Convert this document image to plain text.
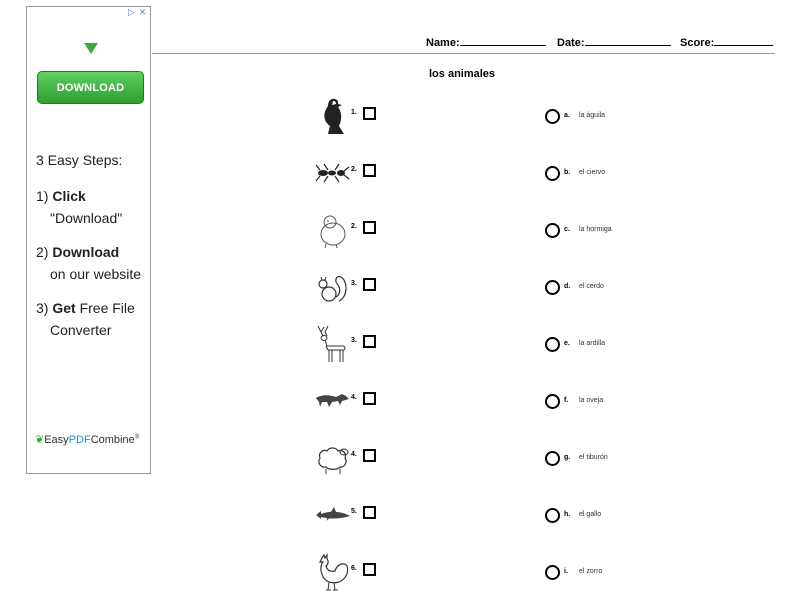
▷ ✕
DOWNLOAD
3 Easy Steps:
1) Click
"Download"
2) Download
on our website
3) Get Free File
Converter
❦EasyPDFCombine®
Name:	Date:	Score:
los animales
1.
2.
2.
3.
3.
4.
4.
5.
6.
a. la águila
b. el ciervo
c. la hormiga
d. el cerdo
e. la ardilla
f. la oveja
g. el tiburón
h. el gallo
i. el zorro
